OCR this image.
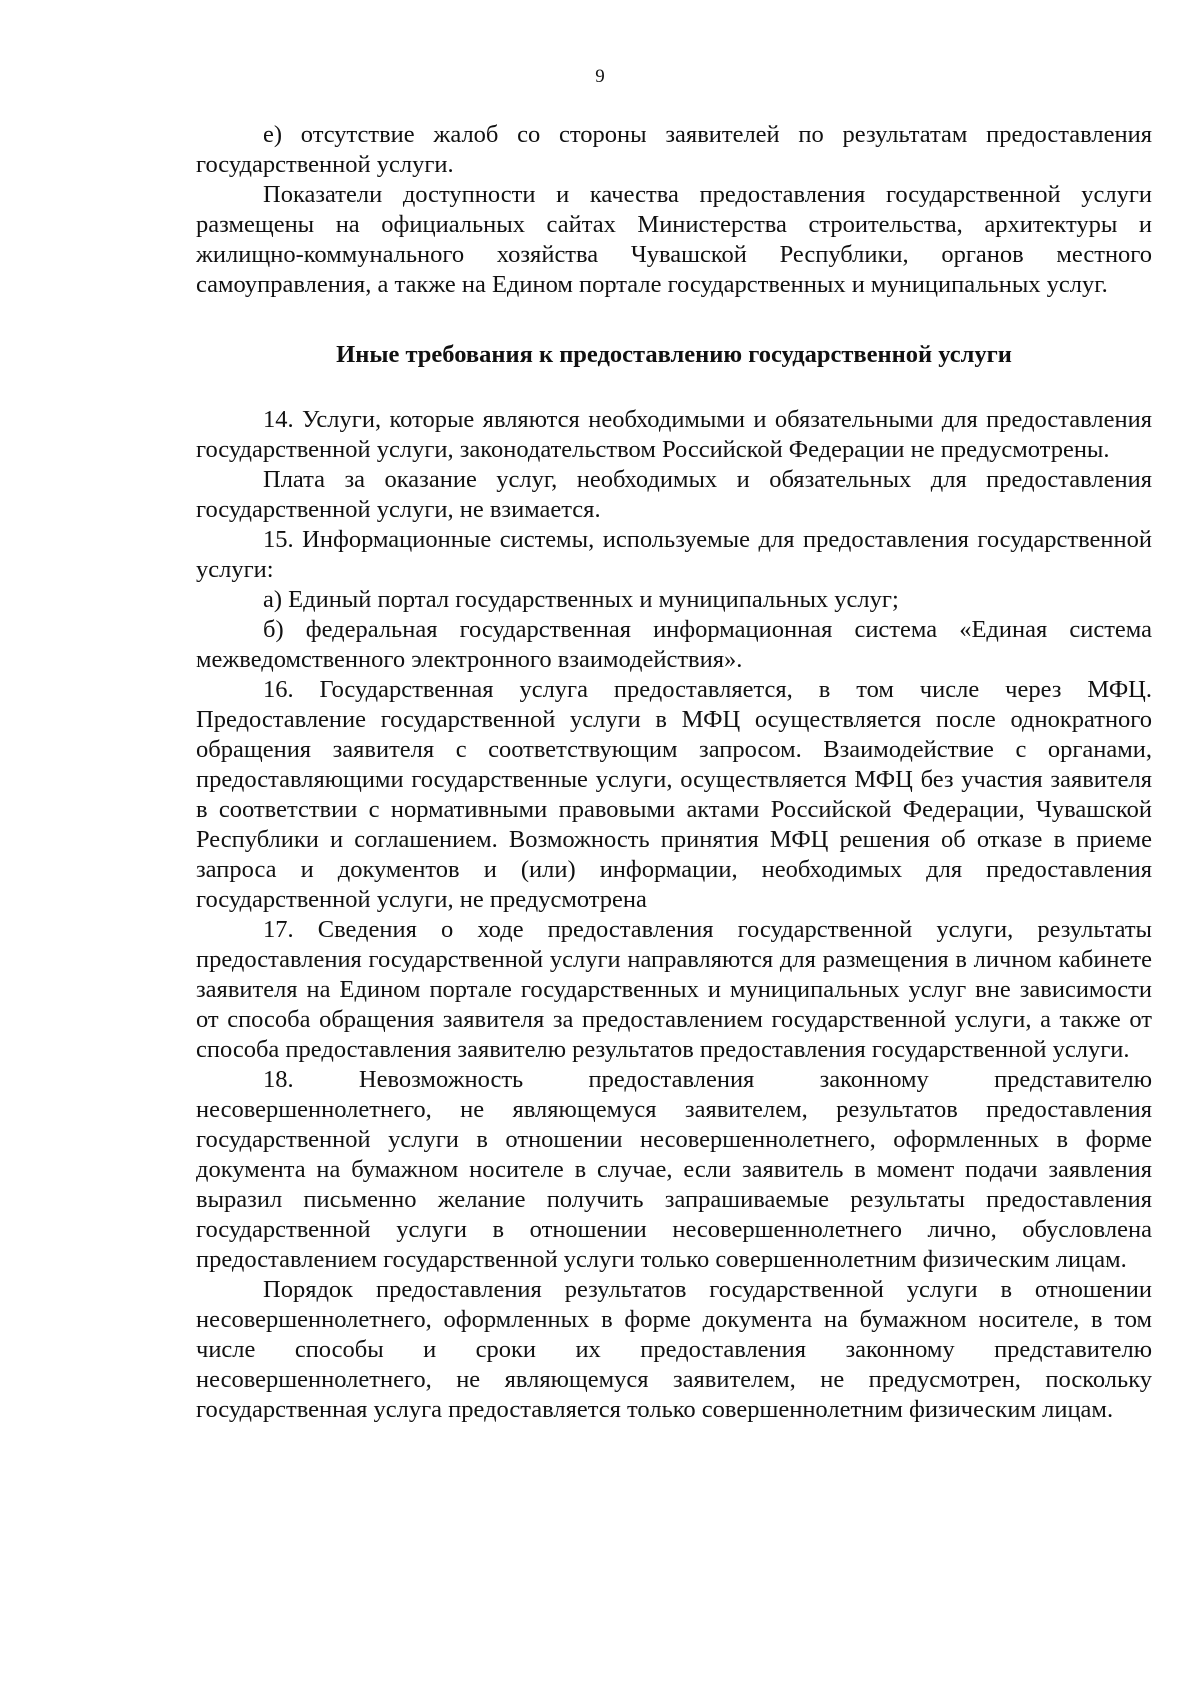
9

е) отсутствие жалоб со стороны заявителей по результатам предоставления государственной услуги.

Показатели доступности и качества предоставления государственной услуги размещены на официальных сайтах Министерства строительства, архитектуры и жилищно-коммунального хозяйства Чувашской Республики, органов местного самоуправления, а также на Едином портале государственных и муниципальных услуг.

Иные требования к предоставлению государственной услуги

14. Услуги, которые являются необходимыми и обязательными для предоставления государственной услуги, законодательством Российской Федерации не предусмотрены.

Плата за оказание услуг, необходимых и обязательных для предоставления государственной услуги, не взимается.

15. Информационные системы, используемые для предоставления государственной услуги:

а) Единый портал государственных и муниципальных услуг;

б) федеральная государственная информационная система «Единая система межведомственного электронного взаимодействия».

16. Государственная услуга предоставляется, в том числе через МФЦ. Предоставление государственной услуги в МФЦ осуществляется после однократного обращения заявителя с соответствующим запросом. Взаимодействие с органами, предоставляющими государственные услуги, осуществляется МФЦ без участия заявителя в соответствии с нормативными правовыми актами Российской Федерации, Чувашской Республики и соглашением. Возможность принятия МФЦ решения об отказе в приеме запроса и документов и (или) информации, необходимых для предоставления государственной услуги, не предусмотрена

17. Сведения о ходе предоставления государственной услуги, результаты предоставления государственной услуги направляются для размещения в личном кабинете заявителя на Едином портале государственных и муниципальных услуг вне зависимости от способа обращения заявителя за предоставлением государственной услуги, а также от способа предоставления заявителю результатов предоставления государственной услуги.

18. Невозможность предоставления законному представителю несовершеннолетнего, не являющемуся заявителем, результатов предоставления государственной услуги в отношении несовершеннолетнего, оформленных в форме документа на бумажном носителе в случае, если заявитель в момент подачи заявления выразил письменно желание получить запрашиваемые результаты предоставления государственной услуги в отношении несовершеннолетнего лично, обусловлена предоставлением государственной услуги только совершеннолетним физическим лицам.

Порядок предоставления результатов государственной услуги в отношении несовершеннолетнего, оформленных в форме документа на бумажном носителе, в том числе способы и сроки их предоставления законному представителю несовершеннолетнего, не являющемуся заявителем, не предусмотрен, поскольку государственная услуга предоставляется только совершеннолетним физическим лицам.
